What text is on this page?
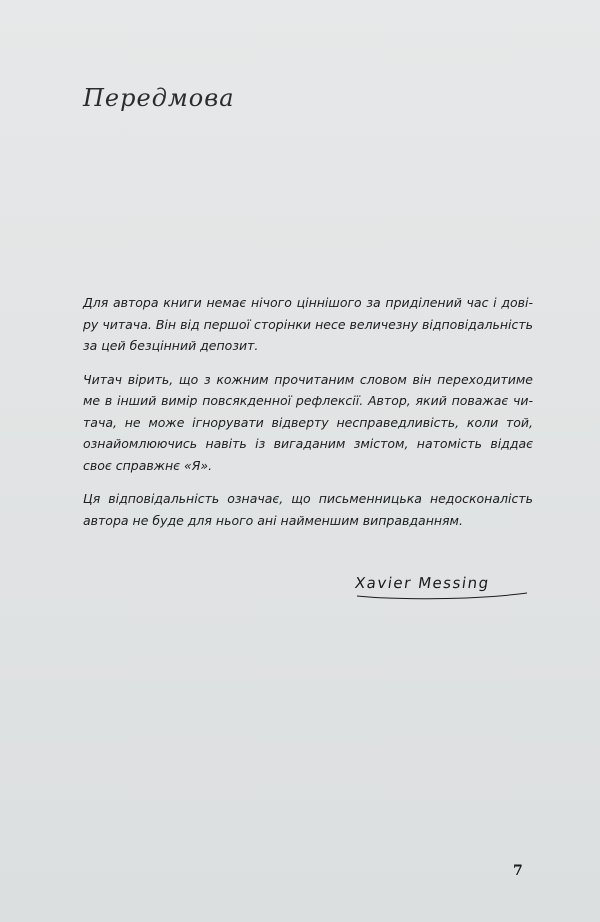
Передмова
Для автора книги немає нічого ціннішого за приділений час і дові-
ру читача. Він від першої сторінки несе величезну відповідальність
за цей безцінний депозит.
Читач вірить, що з кожним прочитаним словом він переходитиме
ме в інший вимір повсякденної рефлексії. Автор, який поважає чи-
тача, не може ігнорувати відверту несправедливість, коли той,
ознайомлюючись навіть із вигаданим змістом, натомість віддає
своє справжнє «Я».
Ця відповідальність означає, що письменницька недосконалість
автора не буде для нього ані найменшим виправданням.
Xavier Messing
7
